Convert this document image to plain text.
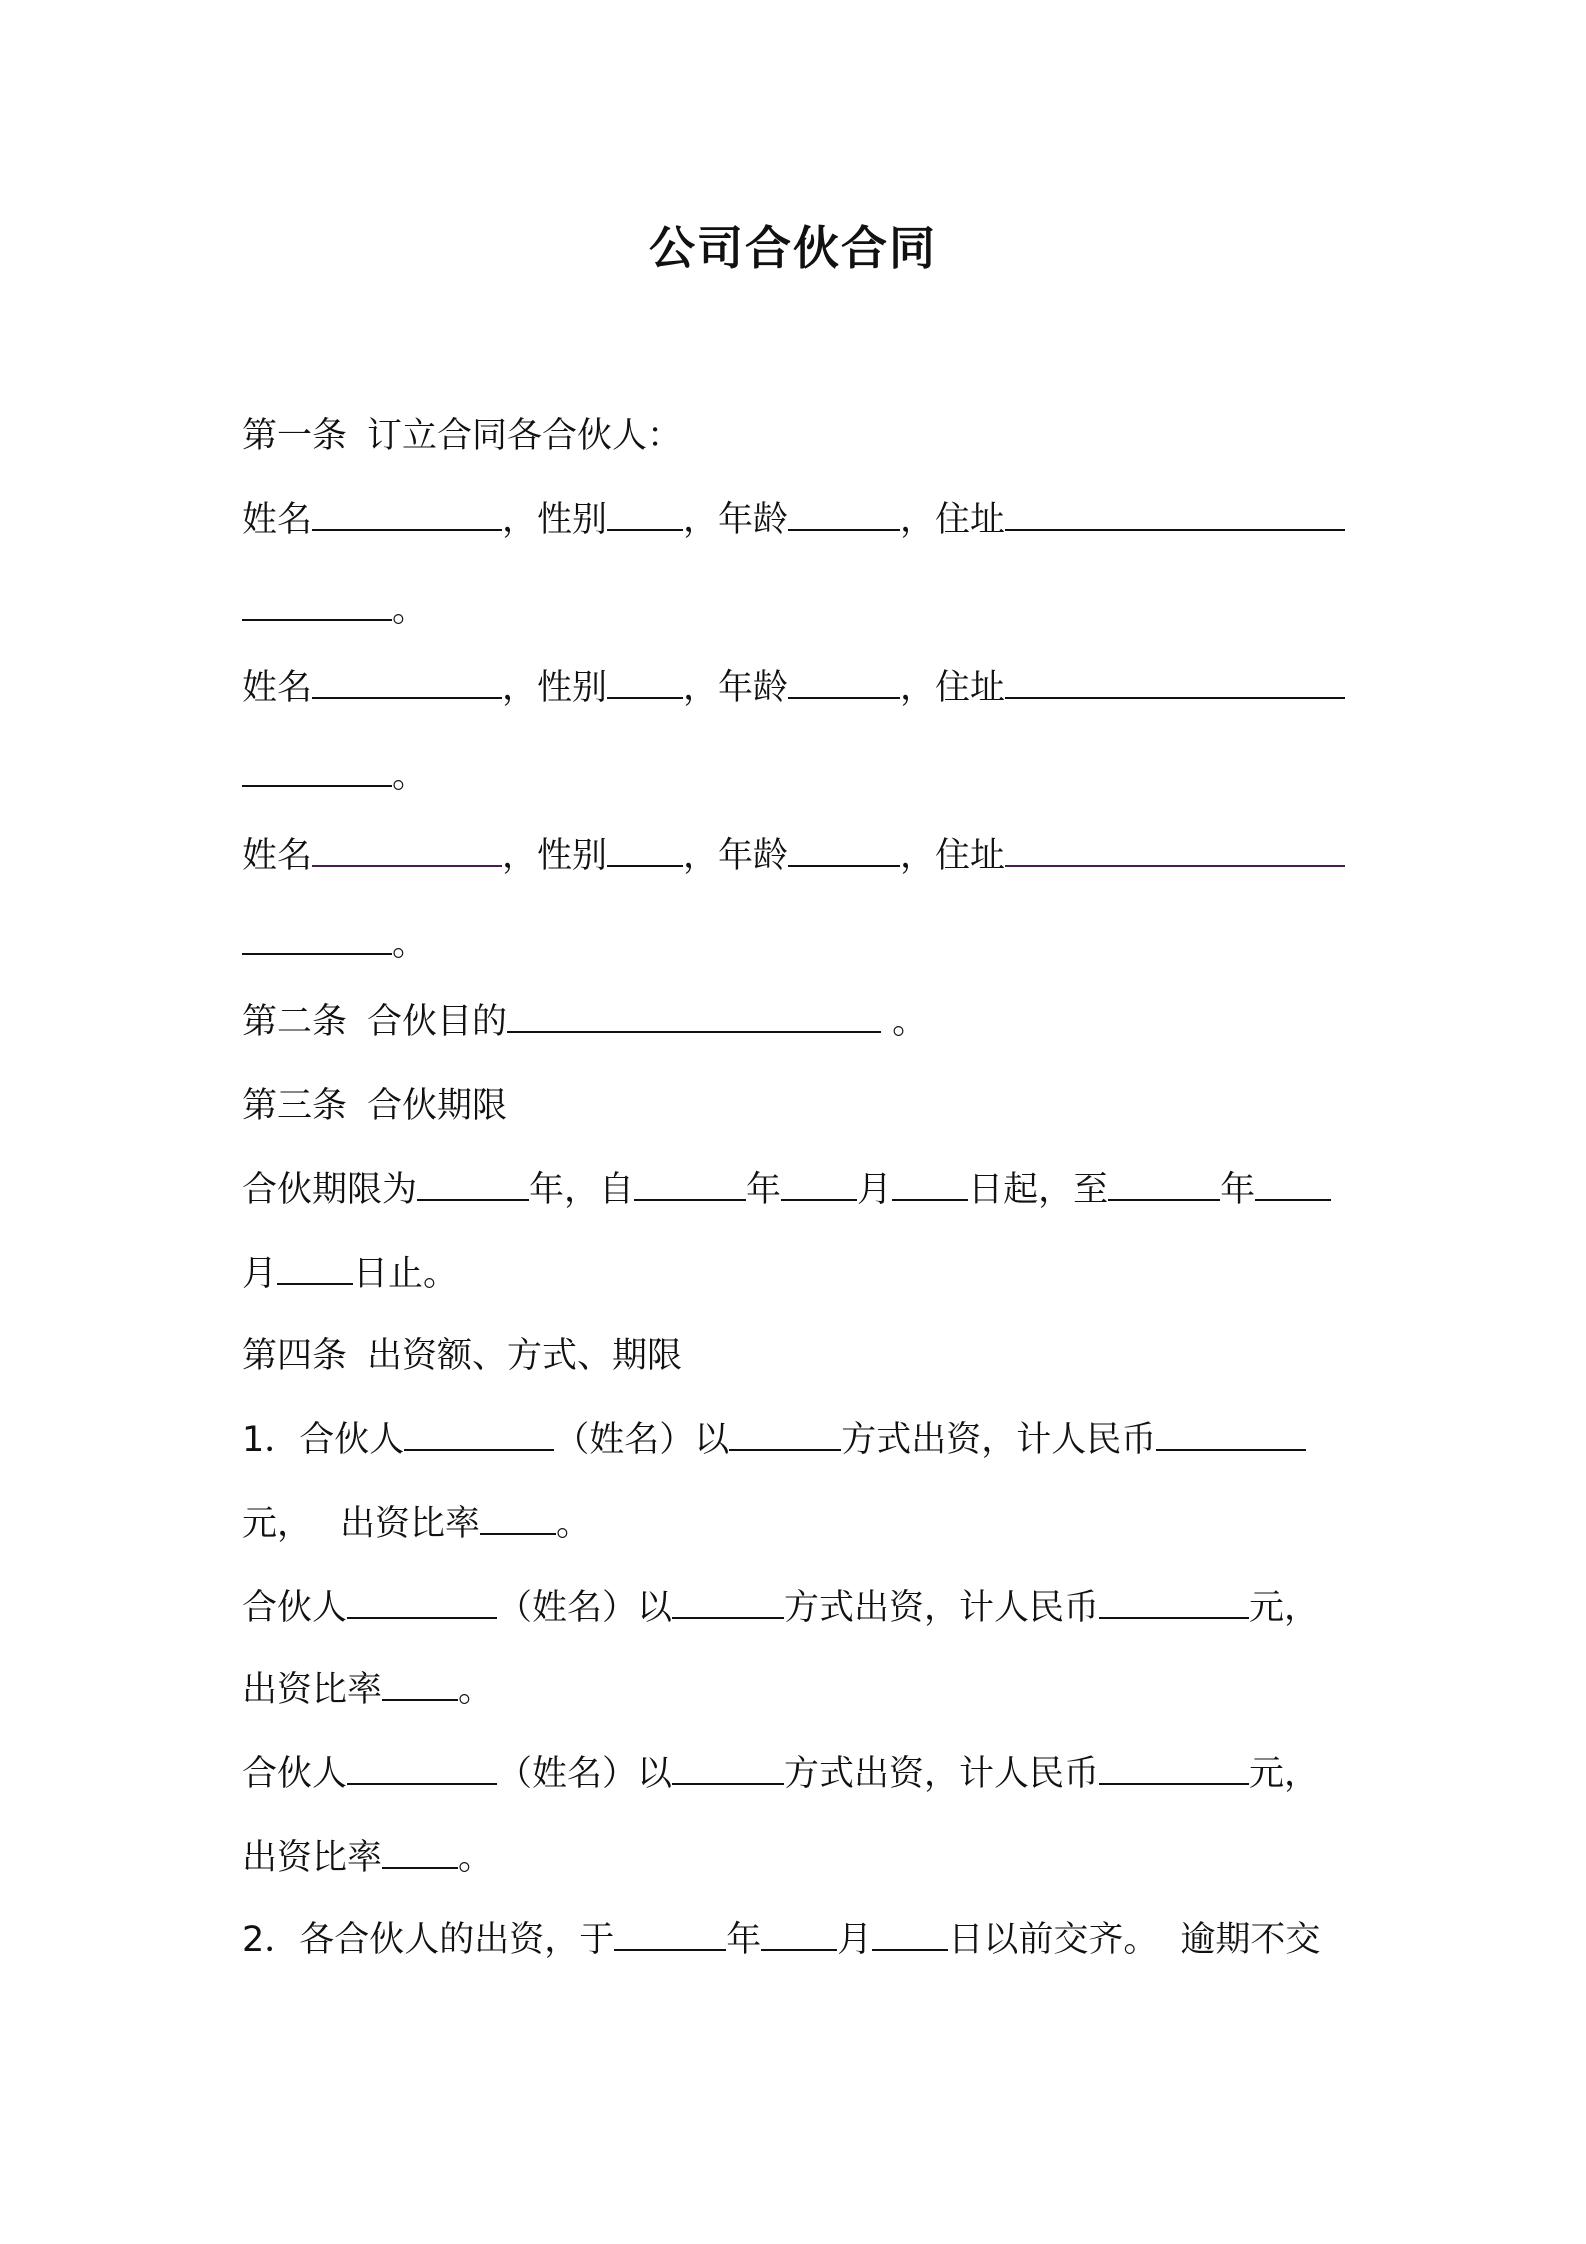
公司合伙合同

第一条 订立合同各合伙人：

姓名	，性别 ，年龄	，住址

。

姓名	，性别 ，年龄	，住址

。

姓名	，性别 ，年龄	，住址

。

第二条 合伙目的	。

第三条 合伙期限

合伙期限为	年，自	年 月 日起，至	年

月 日止。

第四条 出资额、方式、期限

1．合伙人	（姓名）以	方式出资，计人民币

元， 出资比率 。

合伙人	（姓名）以	方式出资，计人民币	元，

出资比率 。

合伙人	（姓名）以	方式出资，计人民币	元，

出资比率 。

2．各合伙人的出资，于	年 月 日以前交齐。 逾期不交
